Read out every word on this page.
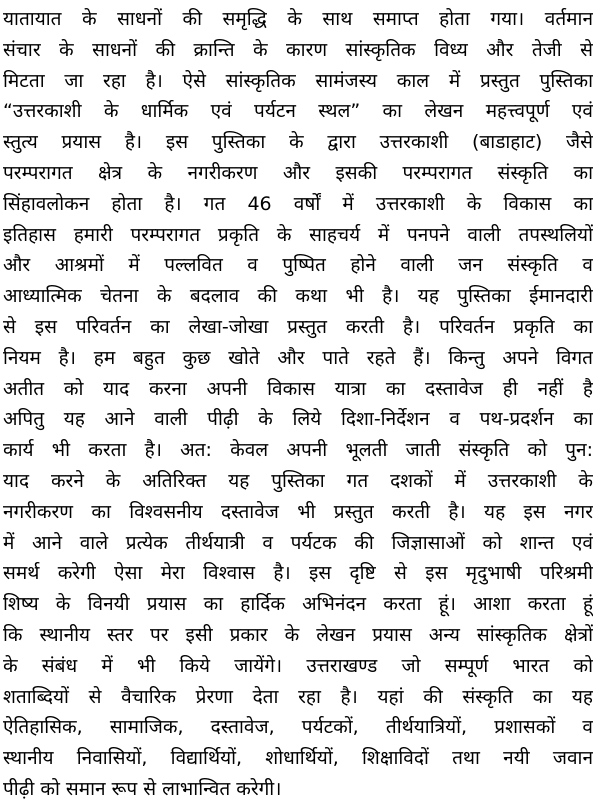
यातायात के साधनों की समृद्धि के साथ समाप्त होता गया। वर्तमान
संचार के साधनों की क्रान्ति के कारण सांस्कृतिक विध्य और तेजी से
मिटता जा रहा है। ऐसे सांस्कृतिक सामंजस्य काल में प्रस्तुत पुस्तिका
“उत्तरकाशी के धार्मिक एवं पर्यटन स्थल” का लेखन महत्त्वपूर्ण एवं
स्तुत्य प्रयास है। इस पुस्तिका के द्वारा उत्तरकाशी (बाडाहाट) जैसे
परम्परागत क्षेत्र के नगरीकरण और इसकी परम्परागत संस्कृति का
सिंहावलोकन होता है। गत 46 वर्षों में उत्तरकाशी के विकास का
इतिहास हमारी परम्परागत प्रकृति के साहचर्य में पनपने वाली तपस्थलियों
और आश्रमों में पल्लवित व पुष्पित होने वाली जन संस्कृति व
आध्यात्मिक चेतना के बदलाव की कथा भी है। यह पुस्तिका ईमानदारी
से इस परिवर्तन का लेखा-जोखा प्रस्तुत करती है। परिवर्तन प्रकृति का
नियम है। हम बहुत कुछ खोते और पाते रहते हैं। किन्तु अपने विगत
अतीत को याद करना अपनी विकास यात्रा का दस्तावेज ही नहीं है
अपितु यह आने वाली पीढ़ी के लिये दिशा-निर्देशन व पथ-प्रदर्शन का
कार्य भी करता है। अत: केवल अपनी भूलती जाती संस्कृति को पुन:
याद करने के अतिरिक्त यह पुस्तिका गत दशकों में उत्तरकाशी के
नगरीकरण का विश्वसनीय दस्तावेज भी प्रस्तुत करती है। यह इस नगर
में आने वाले प्रत्येक तीर्थयात्री व पर्यटक की जिज्ञासाओं को शान्त एवं
समर्थ करेगी ऐसा मेरा विश्वास है। इस दृष्टि से इस मृदुभाषी परिश्रमी
शिष्य के विनयी प्रयास का हार्दिक अभिनंदन करता हूं। आशा करता हूं
कि स्थानीय स्तर पर इसी प्रकार के लेखन प्रयास अन्य सांस्कृतिक क्षेत्रों
के संबंध में भी किये जायेंगे। उत्तराखण्ड जो सम्पूर्ण भारत को
शताब्दियों से वैचारिक प्रेरणा देता रहा है। यहां की संस्कृति का यह
ऐतिहासिक, सामाजिक, दस्तावेज, पर्यटकों, तीर्थयात्रियों, प्रशासकों व
स्थानीय निवासियों, विद्यार्थियों, शोधार्थियों, शिक्षाविदों तथा नयी जवान
पीढ़ी को समान रूप से लाभान्वित करेगी।
